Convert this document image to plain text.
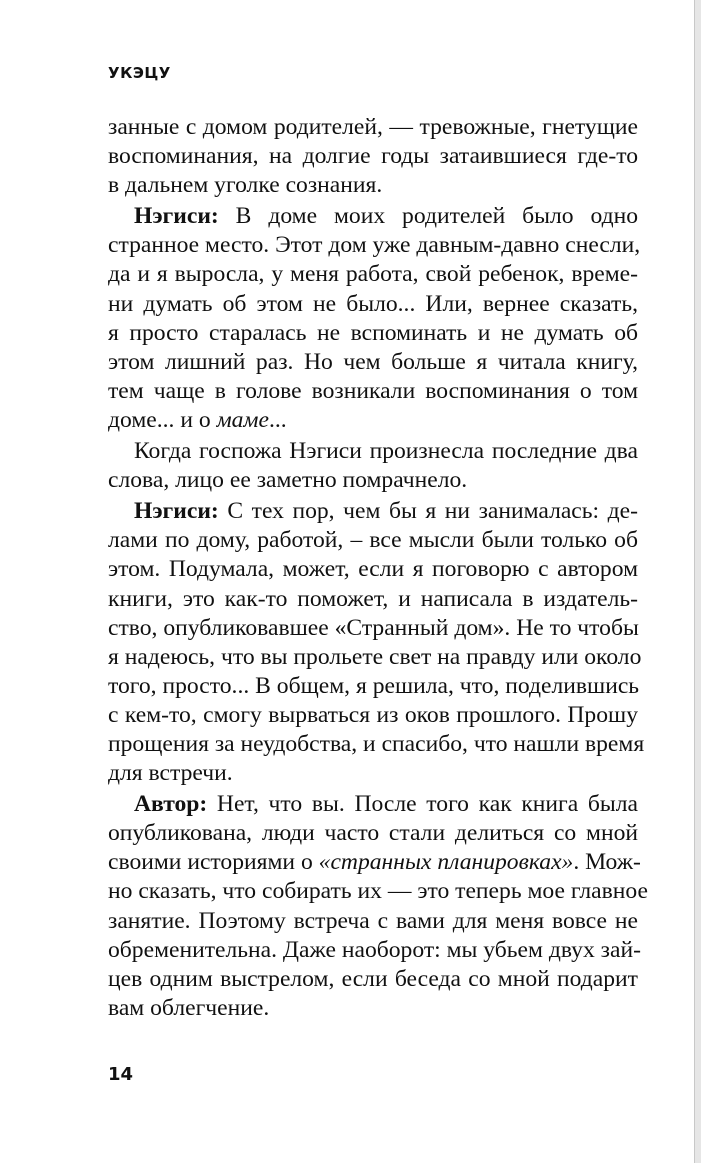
УКЭЦУ
занные с домом родителей, — тревожные, гнетущие
воспоминания, на долгие годы затаившиеся где-то
в дальнем уголке сознания.
Нэгиси: В доме моих родителей было одно
странное место. Этот дом уже давным-давно снесли,
да и я выросла, у меня работа, свой ребенок, време-
ни думать об этом не было... Или, вернее сказать,
я просто старалась не вспоминать и не думать об
этом лишний раз. Но чем больше я читала книгу,
тем чаще в голове возникали воспоминания о том
доме... и о маме...
Когда госпожа Нэгиси произнесла последние два
слова, лицо ее заметно помрачнело.
Нэгиси: С тех пор, чем бы я ни занималась: де-
лами по дому, работой, – все мысли были только об
этом. Подумала, может, если я поговорю с автором
книги, это как-то поможет, и написала в издатель-
ство, опубликовавшее «Странный дом». Не то чтобы
я надеюсь, что вы прольете свет на правду или около
того, просто... В общем, я решила, что, поделившись
с кем-то, смогу вырваться из оков прошлого. Прошу
прощения за неудобства, и спасибо, что нашли время
для встречи.
Автор: Нет, что вы. После того как книга была
опубликована, люди часто стали делиться со мной
своими историями о «странных планировках». Мож-
но сказать, что собирать их — это теперь мое главное
занятие. Поэтому встреча с вами для меня вовсе не
обременительна. Даже наоборот: мы убьем двух зай-
цев одним выстрелом, если беседа со мной подарит
вам облегчение.
14
